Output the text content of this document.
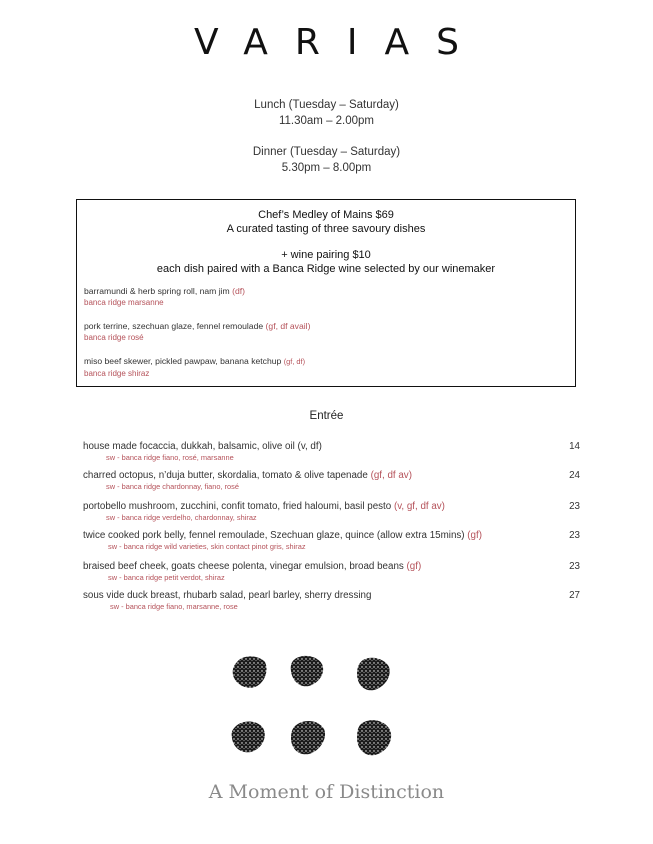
VARIAS
Lunch (Tuesday – Saturday)
11.30am – 2.00pm
Dinner (Tuesday – Saturday)
5.30pm – 8.00pm
Chef’s Medley of Mains $69
A curated tasting of three savoury dishes
+ wine pairing $10
each dish paired with a Banca Ridge wine selected by our winemaker
barramundi & herb spring roll, nam jim (df)
banca ridge marsanne
pork terrine, szechuan glaze, fennel remoulade (gf, df avail)
banca ridge rosé
miso beef skewer, pickled pawpaw, banana ketchup (gf, df)
banca ridge shiraz
Entrée
house made focaccia, dukkah, balsamic, olive oil (v, df)	14
sw - banca ridge fiano, rosé, marsanne
charred octopus, n’duja butter, skordalia, tomato & olive tapenade (gf, df av)	24
sw - banca ridge chardonnay, fiano, rosé
portobello mushroom, zucchini, confit tomato, fried haloumi, basil pesto (v, gf, df av)	23
sw - banca ridge verdelho, chardonnay, shiraz
twice cooked pork belly, fennel remoulade, Szechuan glaze, quince (allow extra 15mins) (gf)	23
sw - banca ridge wild varieties, skin contact pinot gris, shiraz
braised beef cheek, goats cheese polenta, vinegar emulsion, broad beans (gf)	23
sw - banca ridge petit verdot, shiraz
sous vide duck breast, rhubarb salad, pearl barley, sherry dressing	27
sw - banca ridge fiano, marsanne, rose
A Moment of Distinction
